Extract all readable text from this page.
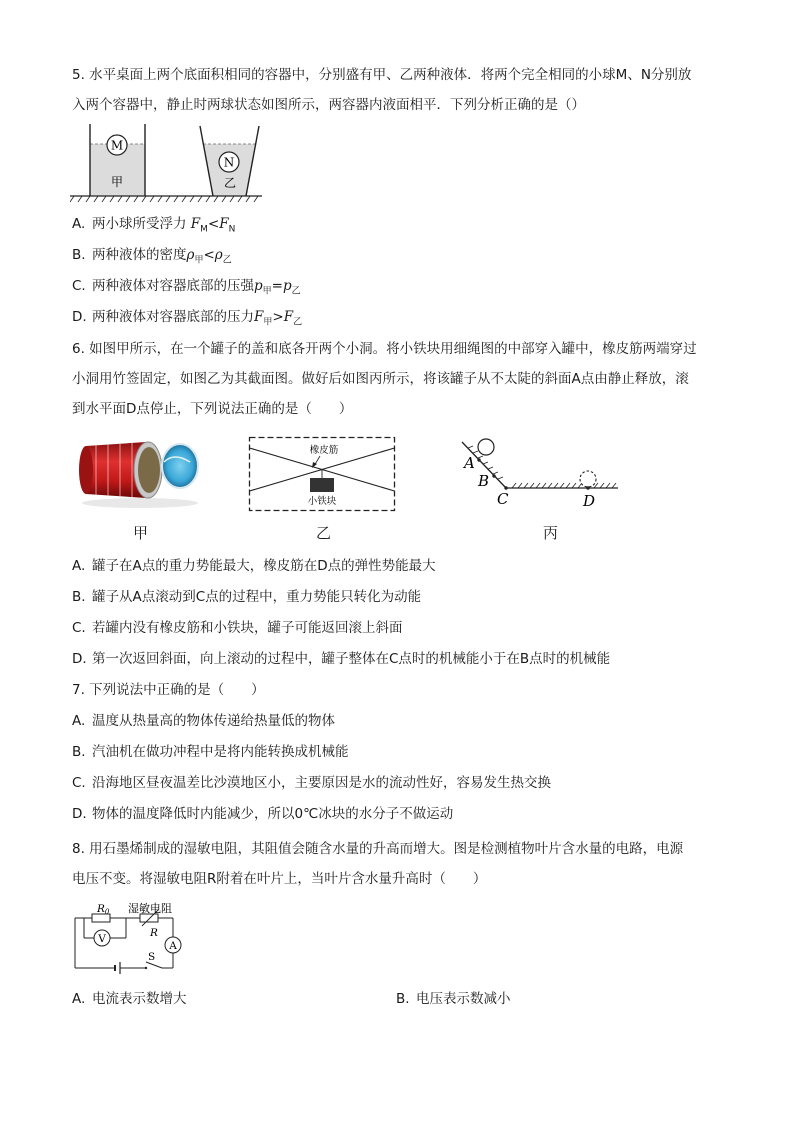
5. 水平桌面上两个底面积相同的容器中，分别盛有甲、乙两种液体．将两个完全相同的小球M、N分别放
入两个容器中，静止时两球状态如图所示，两容器内液面相平．下列分析正确的是（）
M
N
甲	乙
A. 两小球所受浮力 $F_M<F_N$
B. 两种液体的密度$\rho_甲<\rho_乙$
C. 两种液体对容器底部的压强$p_甲=p_乙$
D. 两种液体对容器底部的压力$F_甲>F_乙$
6. 如图甲所示，在一个罐子的盖和底各开两个小洞。将小铁块用细绳图的中部穿入罐中，橡皮筋两端穿过
小洞用竹签固定，如图乙为其截面图。做好后如图丙所示，将该罐子从不太陡的斜面A点由静止释放，滚
到水平面D点停止，下列说法正确的是（　　）
甲
橡皮筋
小铁块
乙
A
B
C	D
丙
A. 罐子在A点的重力势能最大，橡皮筋在D点的弹性势能最大
B. 罐子从A点滚动到C点的过程中，重力势能只转化为动能
C. 若罐内没有橡皮筋和小铁块，罐子可能返回滚上斜面
D. 第一次返回斜面，向上滚动的过程中，罐子整体在C点时的机械能小于在B点时的机械能
7. 下列说法中正确的是（　　）
A. 温度从热量高的物体传递给热量低的物体
B. 汽油机在做功冲程中是将内能转换成机械能
C. 沿海地区昼夜温差比沙漠地区小，主要原因是水的流动性好，容易发生热交换
D. 物体的温度降低时内能减少，所以0℃冰块的水分子不做运动
8. 用石墨烯制成的湿敏电阻，其阻值会随含水量的升高而增大。图是检测植物叶片含水量的电路，电源
电压不变。将湿敏电阻R附着在叶片上，当叶片含水量升高时（　　）
A
V
R0 湿敏电阻
R
S
A. 电流表示数增大	B. 电压表示数减小
